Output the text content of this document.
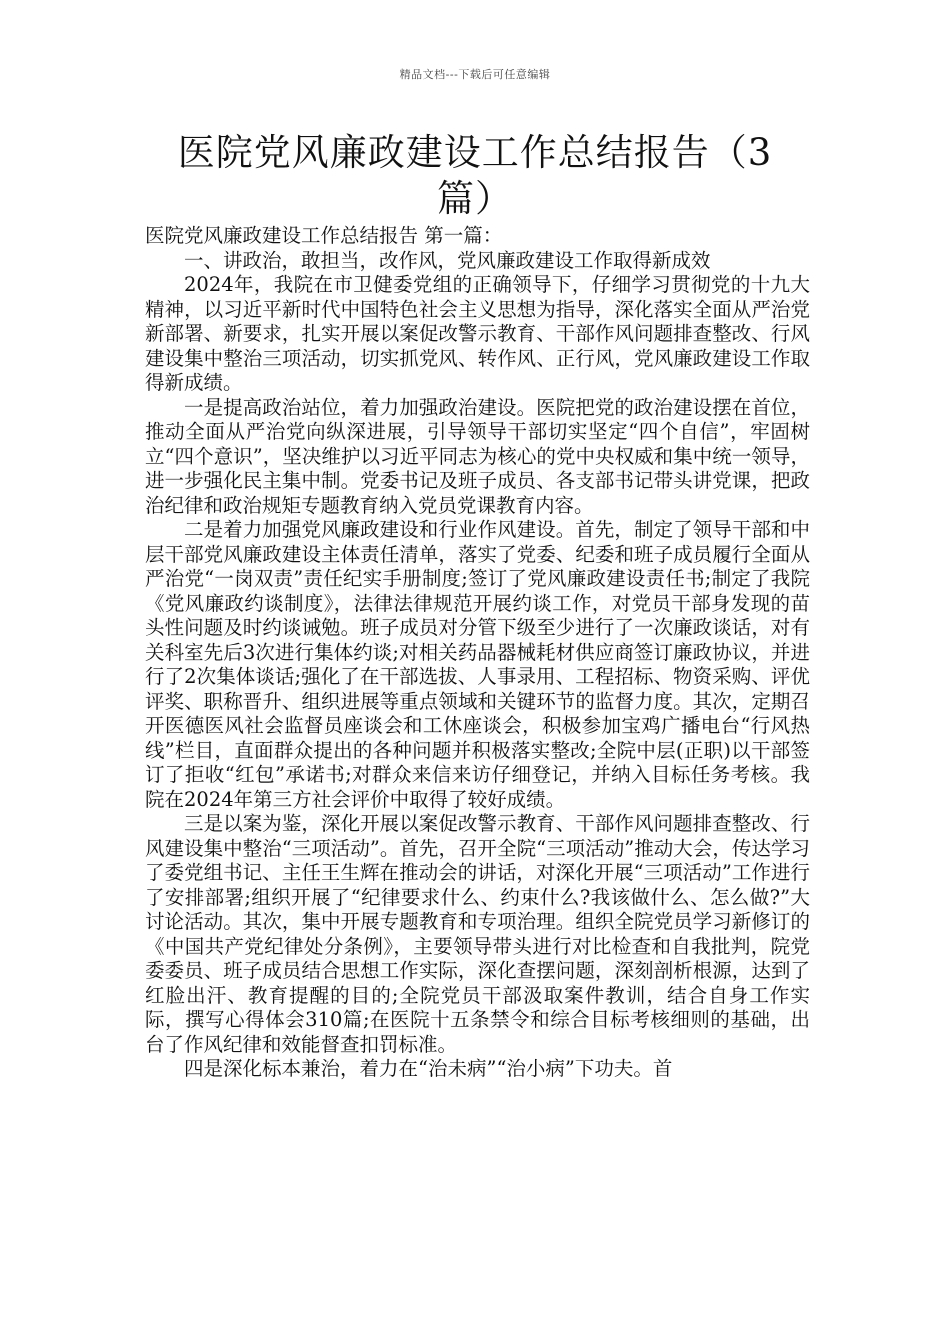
精品文档---下载后可任意编辑
医院党风廉政建设工作总结报告（3篇）

医院党风廉政建设工作总结报告 第一篇：

一、讲政治，敢担当，改作风，党风廉政建设工作取得新成效

2024年，我院在市卫健委党组的正确领导下，仔细学习贯彻党的十九大精神，以习近平新时代中国特色社会主义思想为指导，深化落实全面从严治党新部署、新要求，扎实开展以案促改警示教育、干部作风问题排查整改、行风建设集中整治三项活动，切实抓党风、转作风、正行风，党风廉政建设工作取得新成绩。

一是提高政治站位，着力加强政治建设。医院把党的政治建设摆在首位，推动全面从严治党向纵深进展，引导领导干部切实坚定“四个自信”，牢固树立“四个意识”，坚决维护以习近平同志为核心的党中央权威和集中统一领导，进一步强化民主集中制。党委书记及班子成员、各支部书记带头讲党课，把政治纪律和政治规矩专题教育纳入党员党课教育内容。

二是着力加强党风廉政建设和行业作风建设。首先，制定了领导干部和中层干部党风廉政建设主体责任清单，落实了党委、纪委和班子成员履行全面从严治党“一岗双责”责任纪实手册制度;签订了党风廉政建设责任书;制定了我院《党风廉政约谈制度》，法律法律规范开展约谈工作，对党员干部身发现的苗头性问题及时约谈诫勉。班子成员对分管下级至少进行了一次廉政谈话，对有关科室先后3次进行集体约谈;对相关药品器械耗材供应商签订廉政协议，并进行了2次集体谈话;强化了在干部选拔、人事录用、工程招标、物资采购、评优评奖、职称晋升、组织进展等重点领域和关键环节的监督力度。其次，定期召开医德医风社会监督员座谈会和工休座谈会，积极参加宝鸡广播电台“行风热线”栏目，直面群众提出的各种问题并积极落实整改;全院中层(正职)以干部签订了拒收“红包”承诺书;对群众来信来访仔细登记，并纳入目标任务考核。我院在2024年第三方社会评价中取得了较好成绩。

三是以案为鉴，深化开展以案促改警示教育、干部作风问题排查整改、行风建设集中整治“三项活动”。首先，召开全院“三项活动”推动大会，传达学习了委党组书记、主任王生辉在推动会的讲话，对深化开展“三项活动”工作进行了安排部署;组织开展了“纪律要求什么、约束什么?我该做什么、怎么做?”大讨论活动。其次，集中开展专题教育和专项治理。组织全院党员学习新修订的《中国共产党纪律处分条例》，主要领导带头进行对比检查和自我批判，院党委委员、班子成员结合思想工作实际，深化查摆问题，深刻剖析根源，达到了红脸出汗、教育提醒的目的;全院党员干部汲取案件教训，结合自身工作实际，撰写心得体会310篇;在医院十五条禁令和综合目标考核细则的基础，出台了作风纪律和效能督查扣罚标准。

四是深化标本兼治，着力在“治未病”“治小病”下功夫。首
